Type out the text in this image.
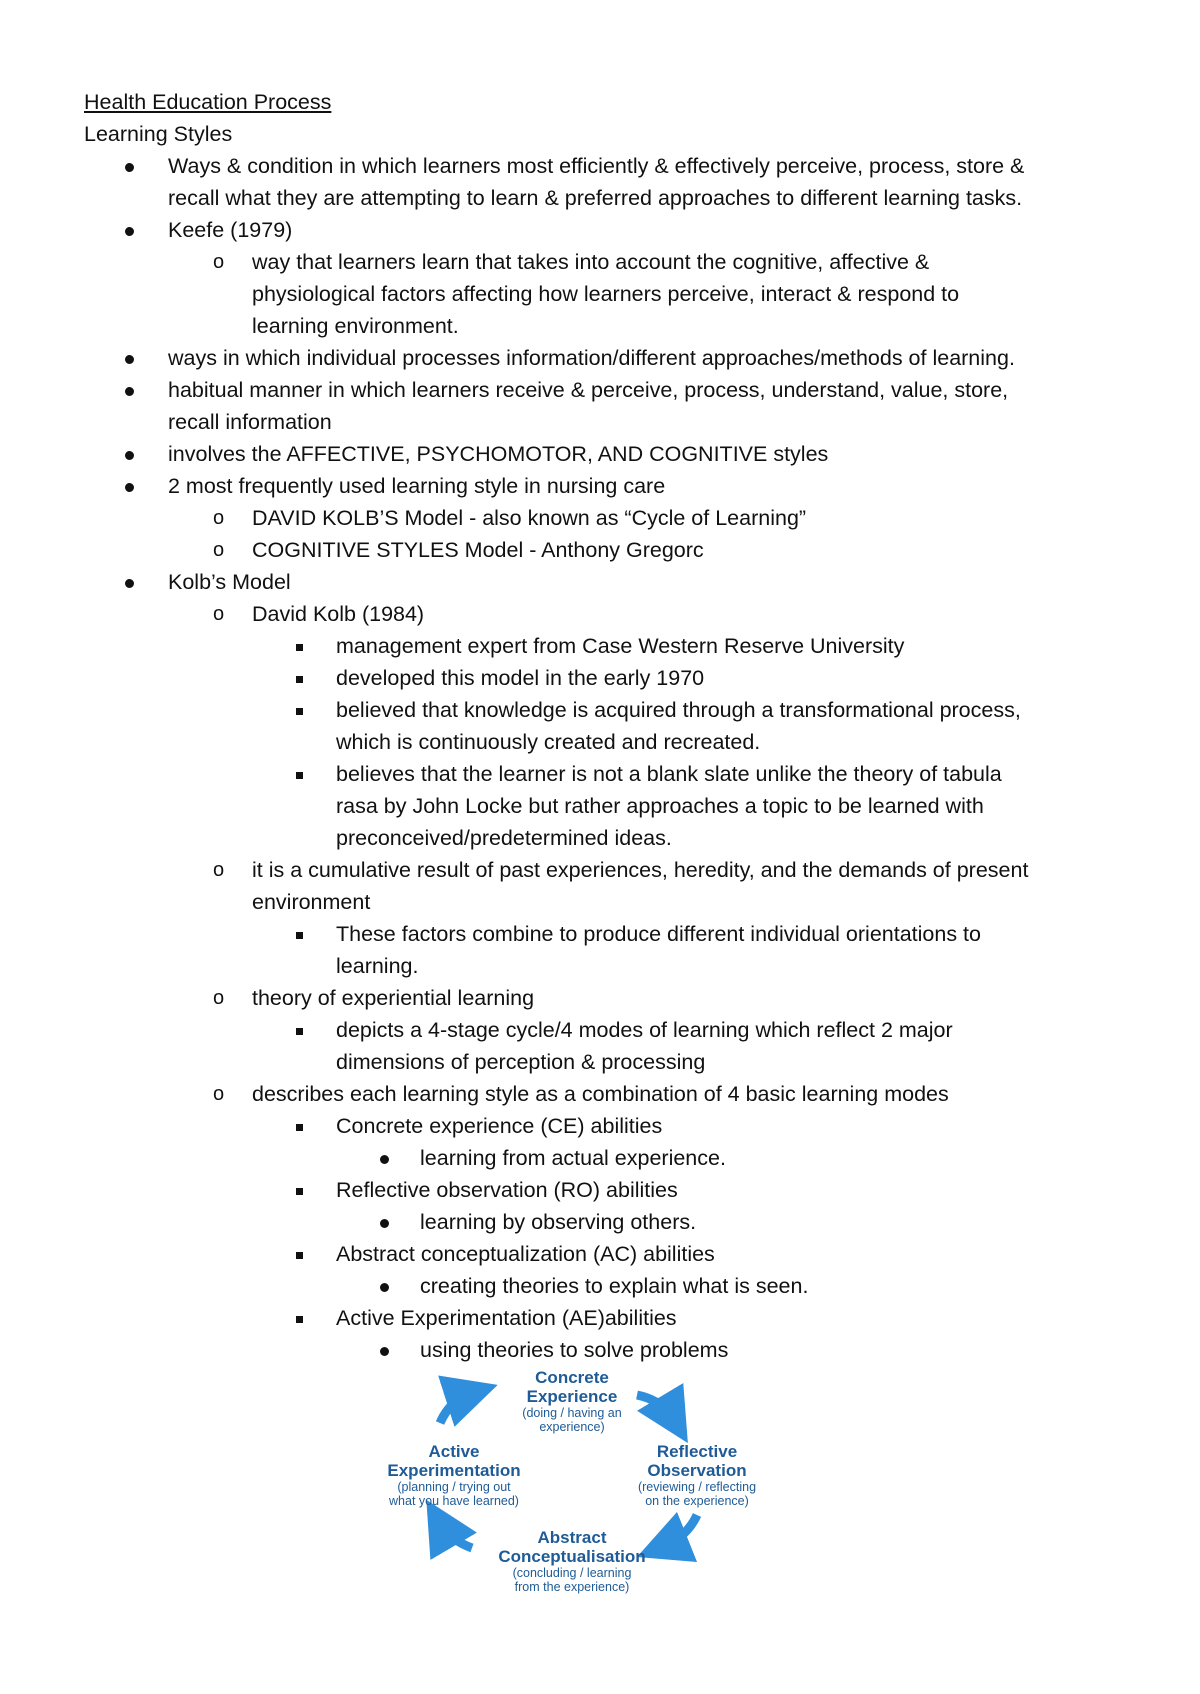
Health Education Process
Learning Styles
Ways & condition in which learners most efficiently & effectively perceive, process, store &
recall what they are attempting to learn & preferred approaches to different learning tasks.
Keefe (1979)
o way that learners learn that takes into account the cognitive, affective &
physiological factors affecting how learners perceive, interact & respond to
learning environment.
ways in which individual processes information/different approaches/methods of learning.
habitual manner in which learners receive & perceive, process, understand, value, store,
recall information
involves the AFFECTIVE, PSYCHOMOTOR, AND COGNITIVE styles
2 most frequently used learning style in nursing care
o DAVID KOLB’S Model - also known as “Cycle of Learning”
o COGNITIVE STYLES Model - Anthony Gregorc
Kolb’s Model
o David Kolb (1984)
management expert from Case Western Reserve University
developed this model in the early 1970
believed that knowledge is acquired through a transformational process,
which is continuously created and recreated.
believes that the learner is not a blank slate unlike the theory of tabula
rasa by John Locke but rather approaches a topic to be learned with
preconceived/predetermined ideas.
o it is a cumulative result of past experiences, heredity, and the demands of present
environment
These factors combine to produce different individual orientations to
learning.
o theory of experiential learning
depicts a 4-stage cycle/4 modes of learning which reflect 2 major
dimensions of perception & processing
o describes each learning style as a combination of 4 basic learning modes
Concrete experience (CE) abilities
learning from actual experience.
Reflective observation (RO) abilities
learning by observing others.
Abstract conceptualization (AC) abilities
creating theories to explain what is seen.
Active Experimentation (AE)abilities
using theories to solve problems
Concrete
Experience
(doing / having an
experience)
Reflective
Observation
(reviewing / reflecting
on the experience)
Abstract
Conceptualisation
(concluding / learning
from the experience)
Active
Experimentation
(planning / trying out
what you have learned)
